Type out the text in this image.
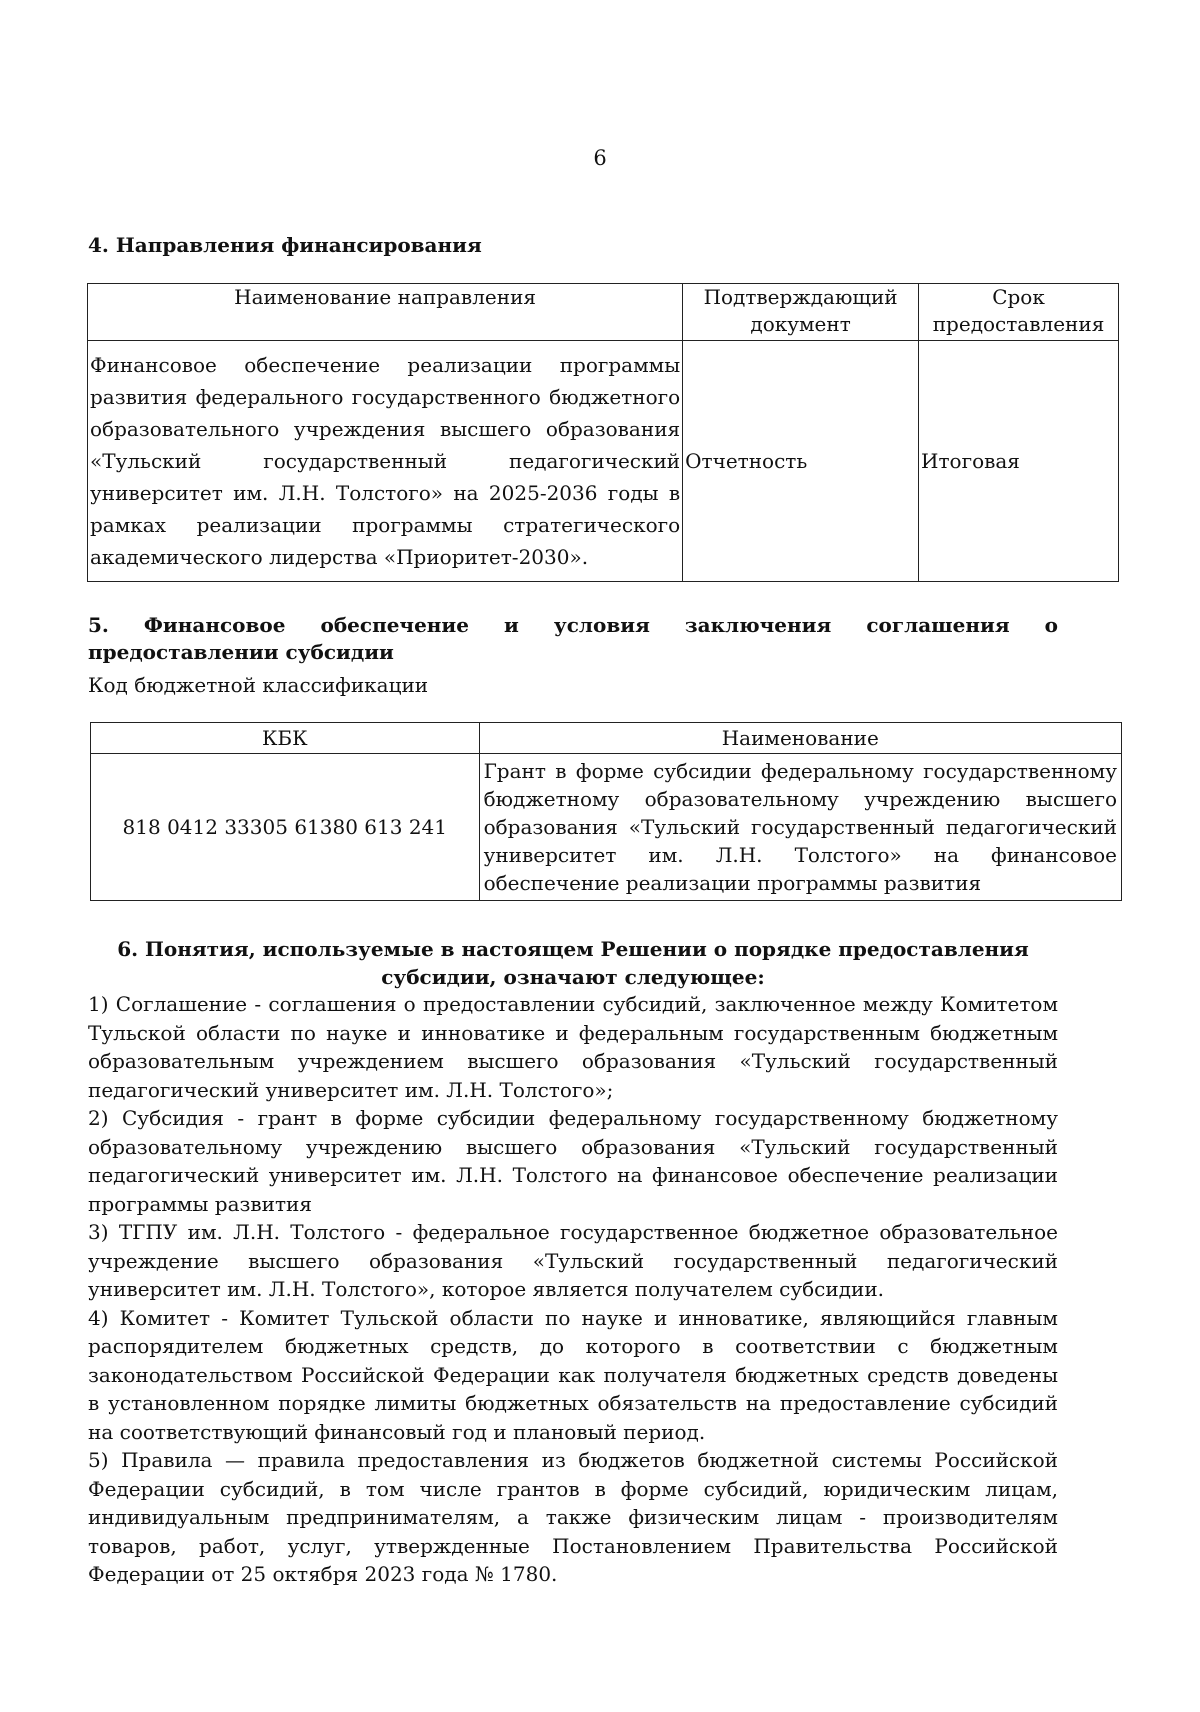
6
4. Направления финансирования
Наименование направления	Подтверждающий документ	Срок предоставления
Финансовое обеспечение реализации программы развития федерального государственного бюджетного образовательного учреждения высшего образования «Тульский государственный педагогический университет им. Л.Н. Толстого» на 2025-2036 годы в рамках реализации программы стратегического академического лидерства «Приоритет-2030».	Отчетность	Итоговая
5. Финансовое обеспечение и условия заключения соглашения о предоставлении субсидии
Код бюджетной классификации
КБК	Наименование
818 0412 33305 61380 613 241	Грант в форме субсидии федеральному государственному бюджетному образовательному учреждению высшего образования «Тульский государственный педагогический университет им. Л.Н. Толстого» на финансовое обеспечение реализации программы развития
6. Понятия, используемые в настоящем Решении о порядке предоставления
субсидии, означают следующее:

1) Соглашение - соглашения о предоставлении субсидий, заключенное между Комитетом Тульской области по науке и инноватике и федеральным государственным бюджетным образовательным учреждением высшего образования «Тульский государственный педагогический университет им. Л.Н. Толстого»;

2) Субсидия - грант в форме субсидии федеральному государственному бюджетному образовательному учреждению высшего образования «Тульский государственный педагогический университет им. Л.Н. Толстого на финансовое обеспечение реализации программы развития

3) ТГПУ им. Л.Н. Толстого - федеральное государственное бюджетное образовательное учреждение высшего образования «Тульский государственный педагогический университет им. Л.Н. Толстого», которое является получателем субсидии.

4) Комитет - Комитет Тульской области по науке и инноватике, являющийся главным распорядителем бюджетных средств, до которого в соответствии с бюджетным законодательством Российской Федерации как получателя бюджетных средств доведены в установленном порядке лимиты бюджетных обязательств на предоставление субсидий на соответствующий финансовый год и плановый период.

5) Правила — правила предоставления из бюджетов бюджетной системы Российской Федерации субсидий, в том числе грантов в форме субсидий, юридическим лицам, индивидуальным предпринимателям, а также физическим лицам - производителям товаров, работ, услуг, утвержденные Постановлением Правительства Российской Федерации от 25 октября 2023 года № 1780.
